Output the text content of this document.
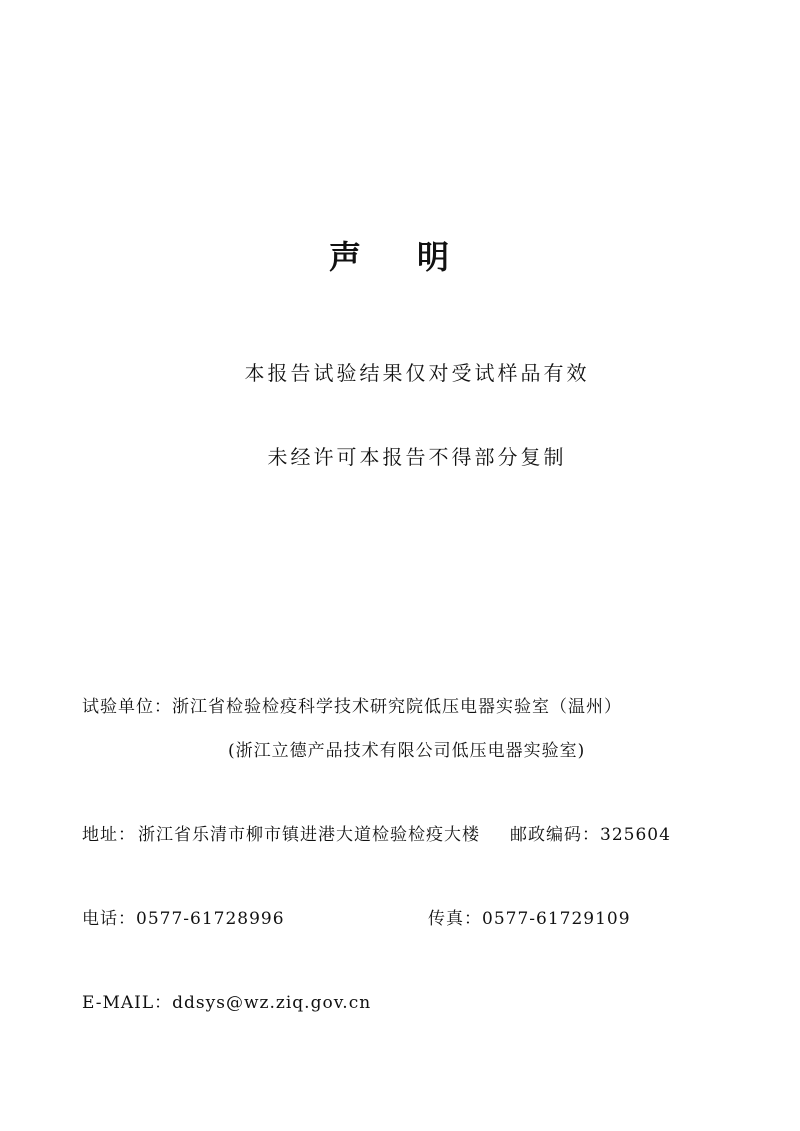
声明
本报告试验结果仅对受试样品有效
未经许可本报告不得部分复制
试验单位：浙江省检验检疫科学技术研究院低压电器实验室（温州）
(浙江立德产品技术有限公司低压电器实验室)
地址： 浙江省乐清市柳市镇进港大道检验检疫大楼 邮政编码：325604
电话：0577-61728996	传真：0577-61729109
E-MAIL：ddsys@wz.ziq.gov.cn
